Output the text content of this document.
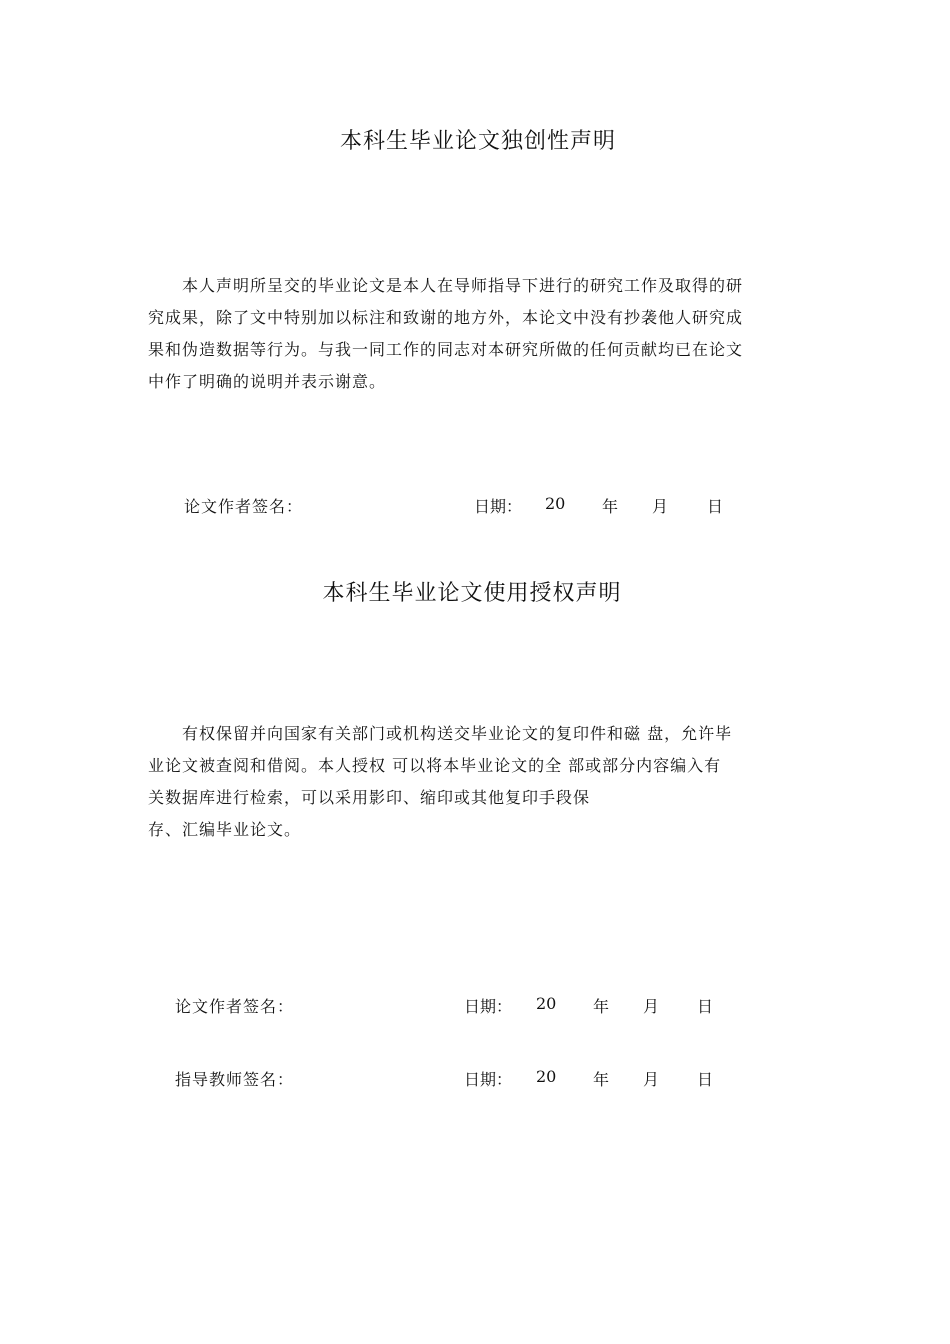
本科生毕业论文独创性声明

　　本人声明所呈交的毕业论文是本人在导师指导下进行的研究工作及取得的研
究成果，除了文中特别加以标注和致谢的地方外，本论文中没有抄袭他人研究成
果和伪造数据等行为。与我一同工作的同志对本研究所做的任何贡献均已在论文
中作了明确的说明并表示谢意。

论文作者签名：	日期： 20 年 月 日
本科生毕业论文使用授权声明

　　有权保留并向国家有关部门或机构送交毕业论文的复印件和磁 盘，允许毕
业论文被查阅和借阅。本人授权 可以将本毕业论文的全 部或部分内容编入有
关数据库进行检索，可以采用影印、缩印或其他复印手段保
存、汇编毕业论文。

论文作者签名：	日期： 20 年 月 日
指导教师签名：	日期： 20 年 月 日
